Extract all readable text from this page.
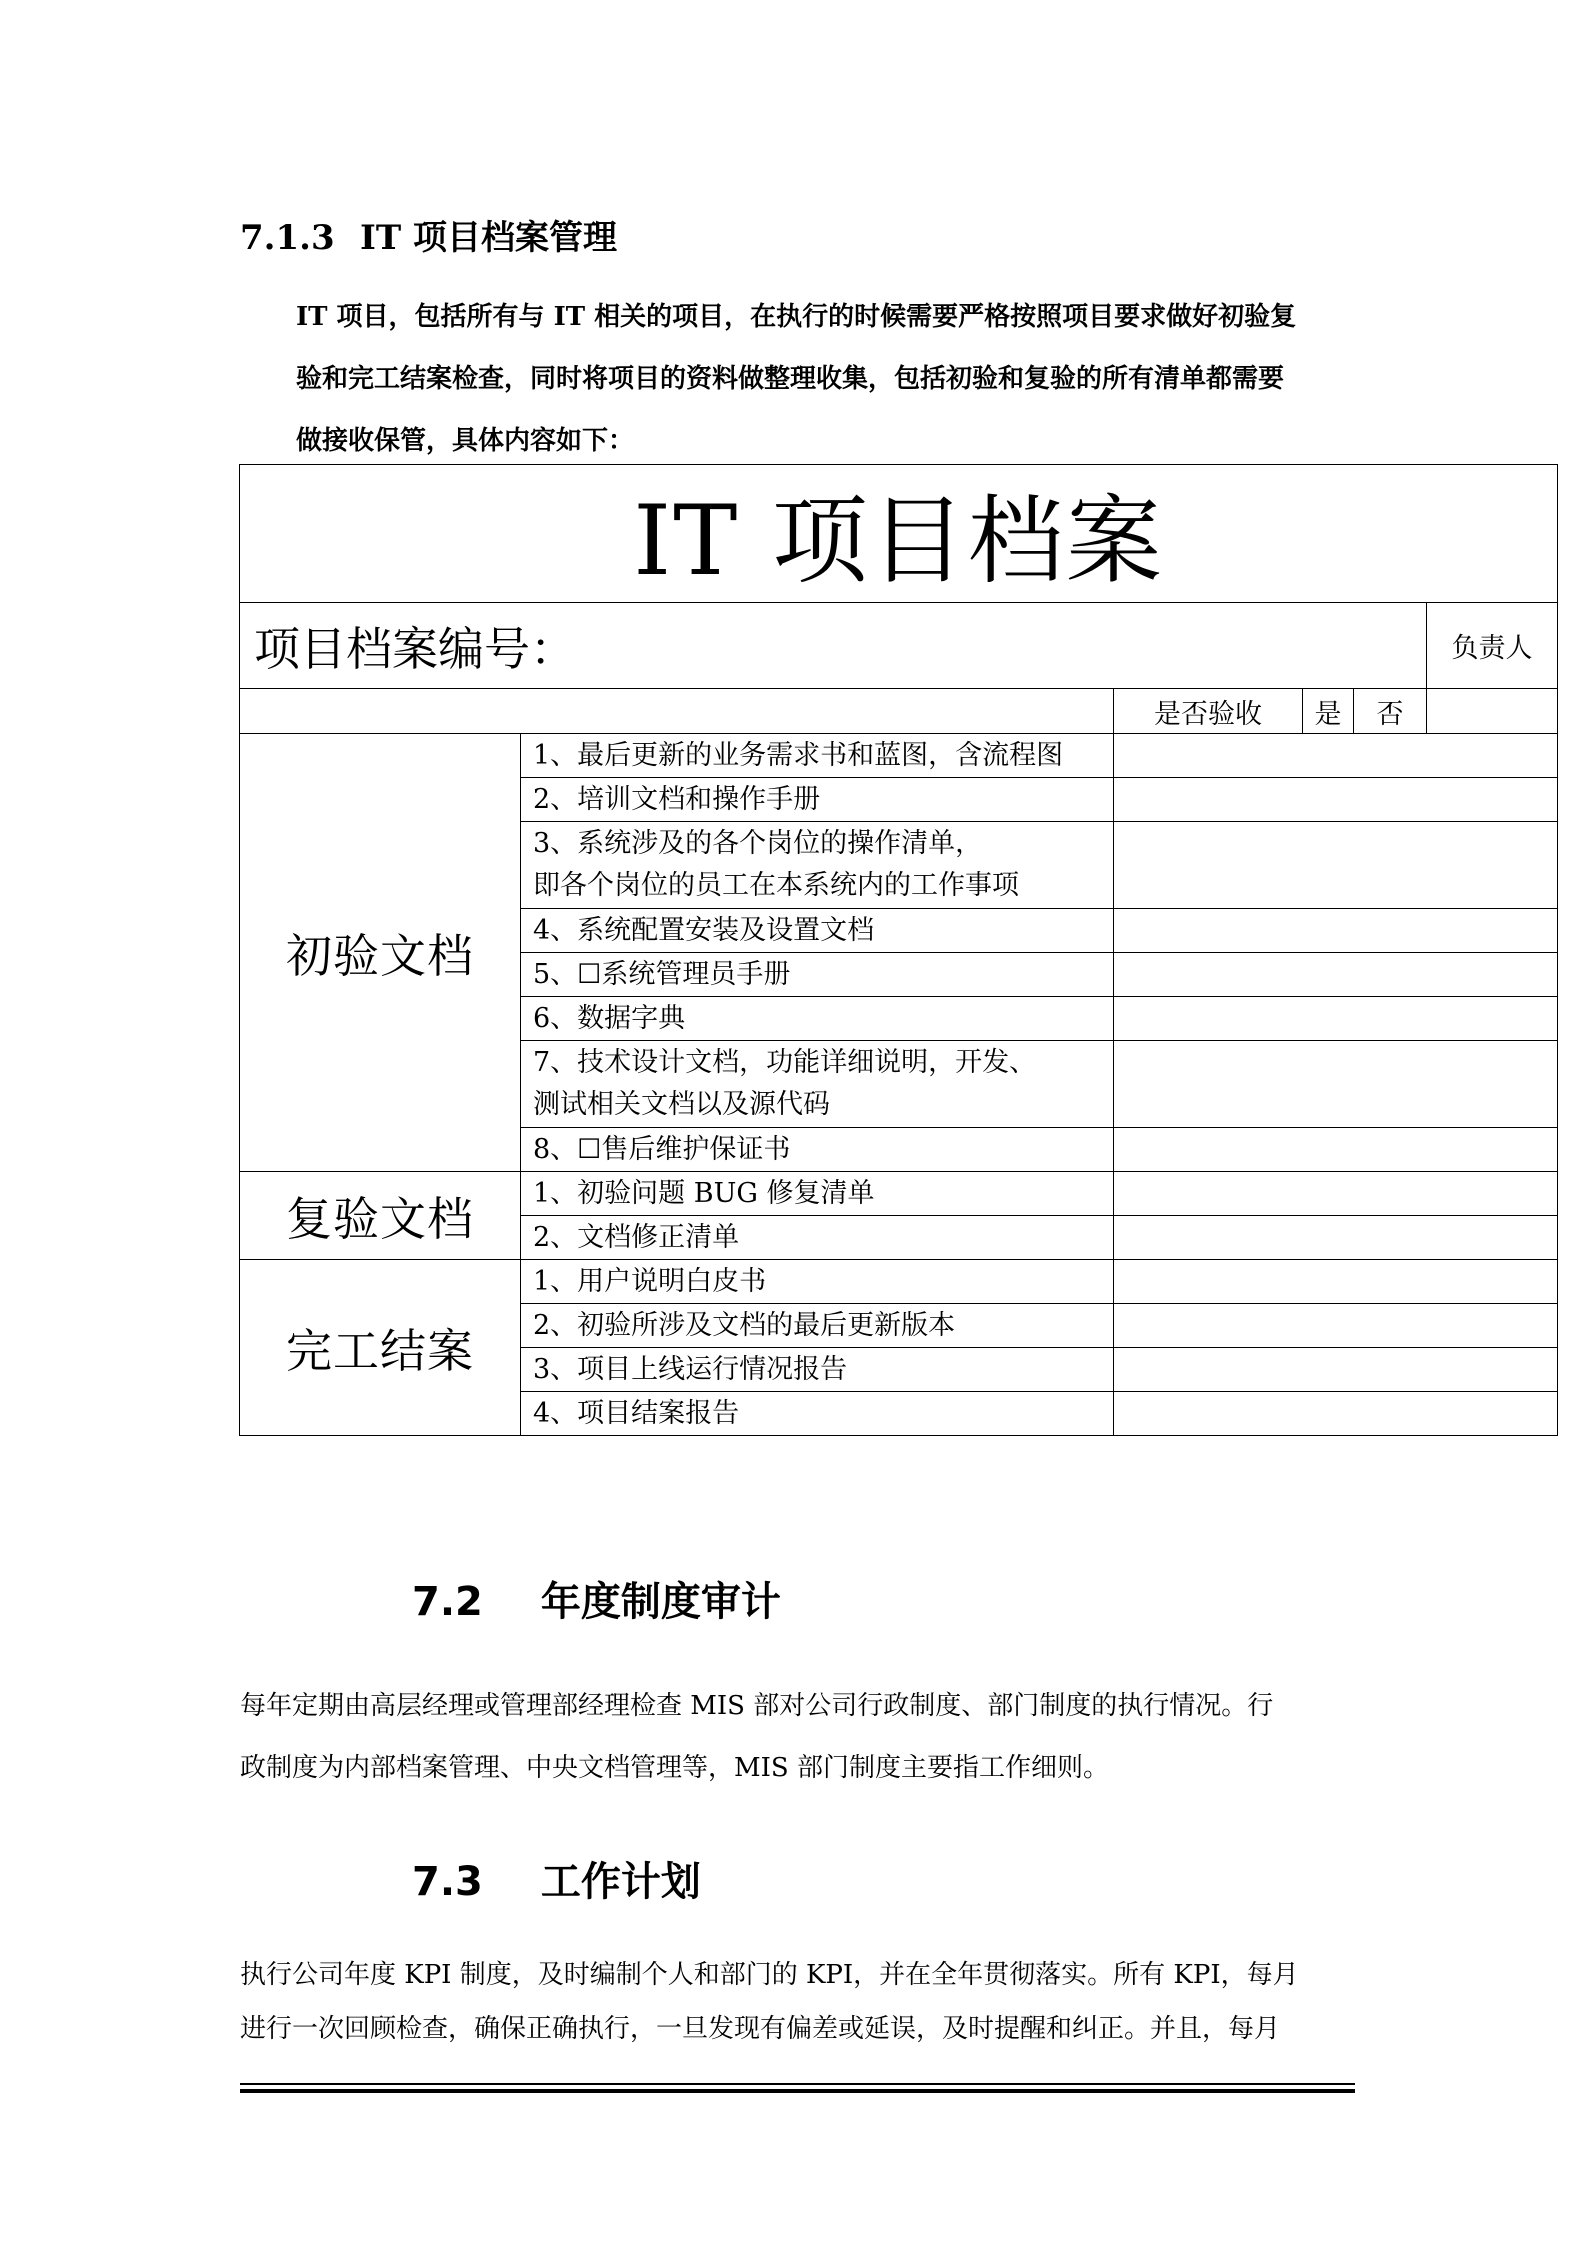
7.1.3 IT 项目档案管理
IT 项目，包括所有与 IT 相关的项目，在执行的时候需要严格按照项目要求做好初验复
验和完工结案检查，同时将项目的资料做整理收集，包括初验和复验的所有清单都需要
做接收保管，具体内容如下：
IT 项目档案					
项目档案编号：					负责人
		是否验收	是	否	
初验文档	1、最后更新的业务需求书和蓝图，含流程图				

	2、培训文档和操作手册				

	3、系统涉及的各个岗位的操作清单，
即各个岗位的员工在本系统内的工作事项				

	4、系统配置安装及设置文档				

	5、☐系统管理员手册				

	6、数据字典				

	7、技术设计文档，功能详细说明，开发、
测试相关文档以及源代码				

	8、☐售后维护保证书				

复验文档	1、初验问题 BUG 修复清单				

	2、文档修正清单				

完工结案	1、用户说明白皮书				

	2、初验所涉及文档的最后更新版本				

	3、项目上线运行情况报告				

	4、项目结案报告				

7.2 年度制度审计
每年定期由高层经理或管理部经理检查 MIS 部对公司行政制度、部门制度的执行情况。行
政制度为内部档案管理、中央文档管理等，MIS 部门制度主要指工作细则。
7.3 工作计划
执行公司年度 KPI 制度，及时编制个人和部门的 KPI，并在全年贯彻落实。所有 KPI，每月
进行一次回顾检查，确保正确执行，一旦发现有偏差或延误，及时提醒和纠正。并且，每月
